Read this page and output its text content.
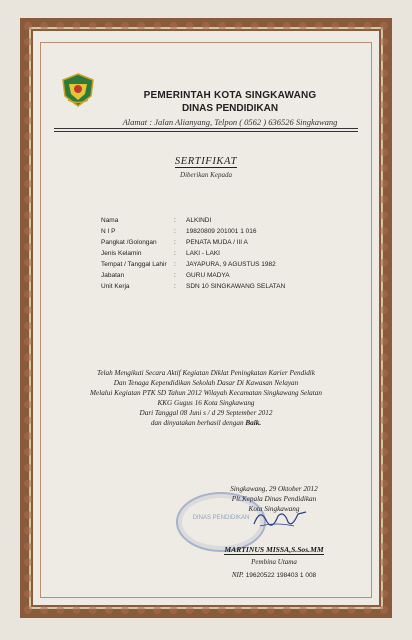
PEMERINTAH KOTA SINGKAWANG

DINAS PENDIDIKAN

Alamat : Jalan Alianyang, Telpon ( 0562 ) 636526 Singkawang

SERTIFIKAT
Diberikan Kepada
Nama	:	ALKINDI
N I P	:	19820809 201001 1 016
Pangkat /Golongan	:	PENATA MUDA / III A
Jenis Kelamin	:	LAKI - LAKI
Tempat / Tanggal Lahir	:	JAYAPURA, 9 AGUSTUS 1982
Jabatan	:	GURU MADYA
Unit Kerja	:	SDN 10 SINGKAWANG SELATAN

Telah Mengikuti Secara Aktif Kegiatan Diklat Peningkatan Karier Pendidik

Dan Tenaga Kependidikan Sekolah Dasar Di Kawasan Nelayan

Melalui Kegiatan PTK SD Tahun 2012 Wilayah Kecamatan Singkawang Selatan

KKG Gugus 16 Kota Singkawang

Dari Tanggal 08 Juni s / d 29 September 2012

dan dinyatakan berhasil dengan Baik.

Singkawang, 29 Oktober 2012

Plt.Kepala Dinas Pendidikan

Kota Singkawang

DINAS PENDIDIKAN
MARTINUS MISSA,S.Sos.MM
Pembina Utama
NIP. 19620522 198403 1 008
